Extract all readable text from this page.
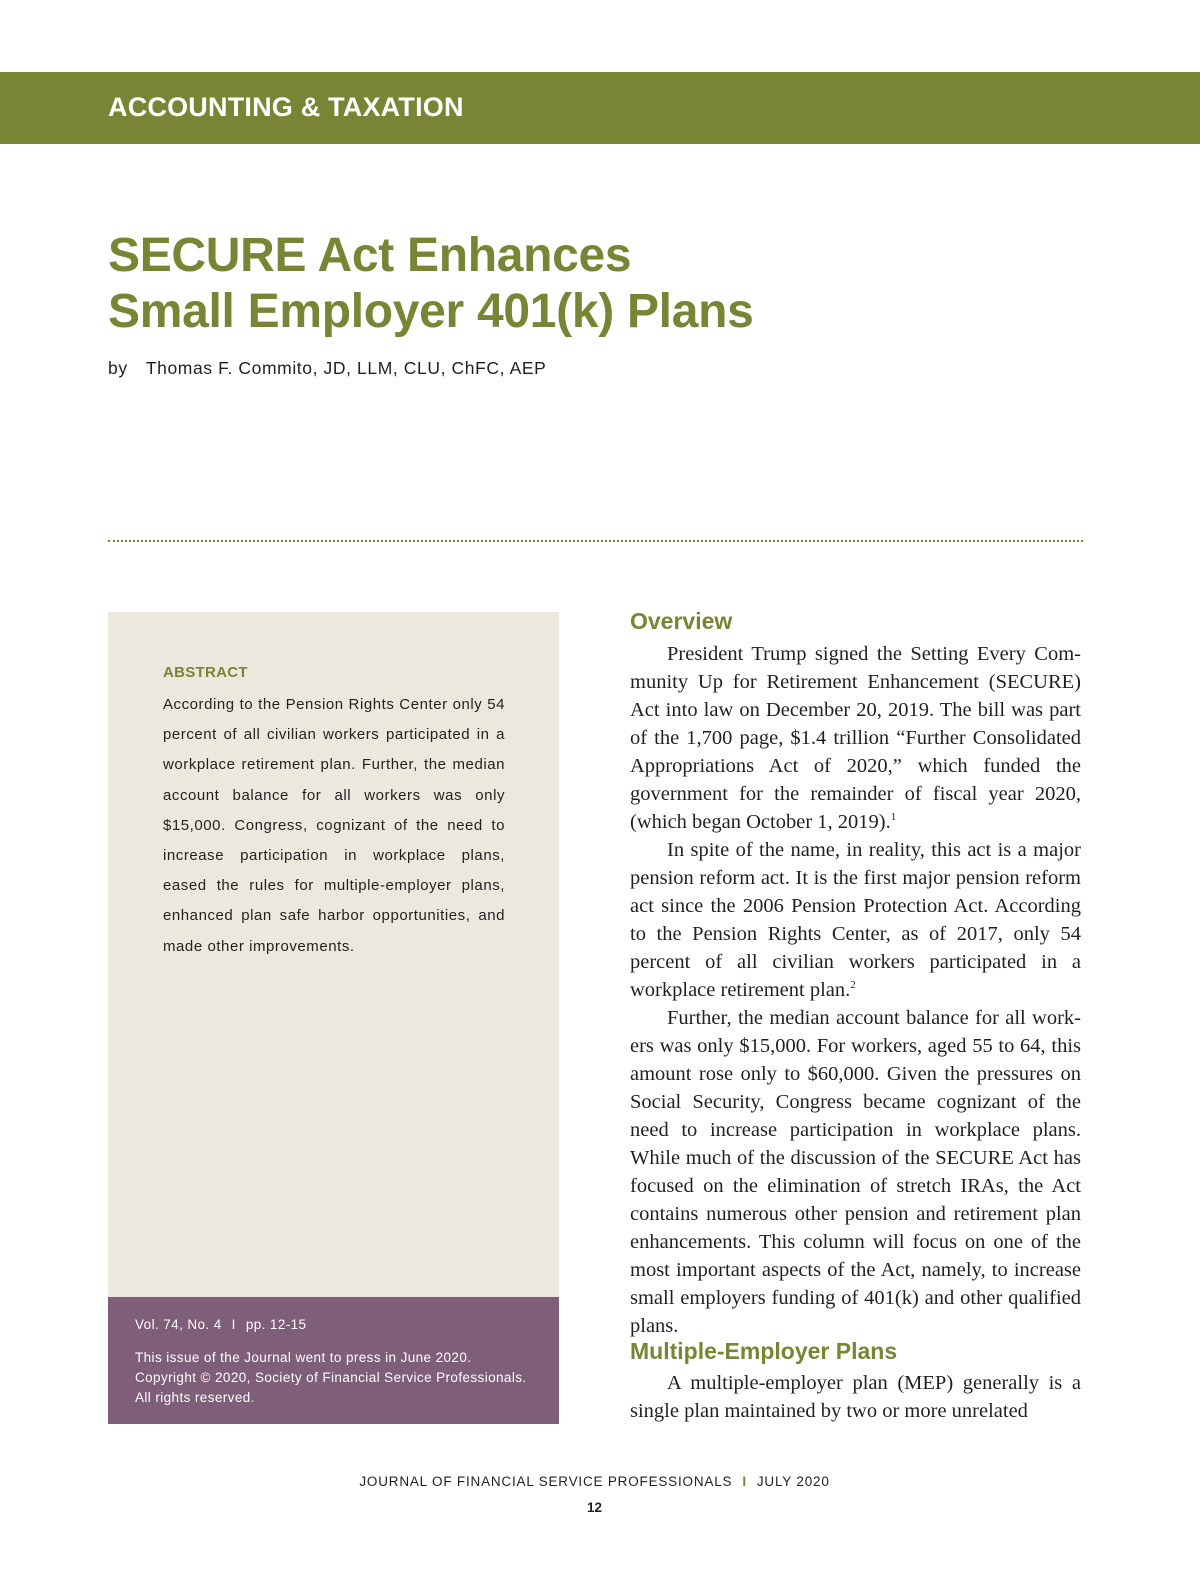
ACCOUNTING & TAXATION
SECURE Act Enhances
Small Employer 401(k) Plans
by Thomas F. Commito, JD, LLM, CLU, ChFC, AEP
ABSTRACT
According to the Pension Rights Center only 54 percent of all civilian workers participated in a workplace retirement plan. Further, the median account balance for all workers was only $15,000. Congress, cognizant of the need to increase participation in workplace plans, eased the rules for multiple-employer plans, enhanced plan safe harbor opportunities, and made other improvements.
Vol. 74, No. 4 I pp. 12-15
This issue of the Journal went to press in June 2020.
Copyright © 2020, Society of Financial Service Professionals.
All rights reserved.
Overview

President Trump signed the Setting Every Community Up for Retirement Enhancement (SECURE) Act into law on December 20, 2019. The bill was part of the 1,700 page, $1.4 trillion “Further Consolidated Appropriations Act of 2020,” which funded the government for the remainder of fiscal year 2020, (which began October 1, 2019).$^1$

In spite of the name, in reality, this act is a major pension reform act. It is the first major pension reform act since the 2006 Pension Protection Act. According to the Pension Rights Center, as of 2017, only 54 percent of all civilian workers participated in a workplace retirement plan.$^2$

Further, the median account balance for all workers was only $15,000. For workers, aged 55 to 64, this amount rose only to $60,000. Given the pressures on Social Security, Congress became cognizant of the need to increase participation in workplace plans. While much of the discussion of the SECURE Act has focused on the elimination of stretch IRAs, the Act contains numerous other pension and retirement plan enhancements. This column will focus on one of the most important aspects of the Act, namely, to increase small employers funding of 401(k) and other qualified plans.

Multiple-Employer Plans

A multiple-employer plan (MEP) generally is a single plan maintained by two or more unrelated

JOURNAL OF FINANCIAL SERVICE PROFESSIONALS I JULY 2020
12
